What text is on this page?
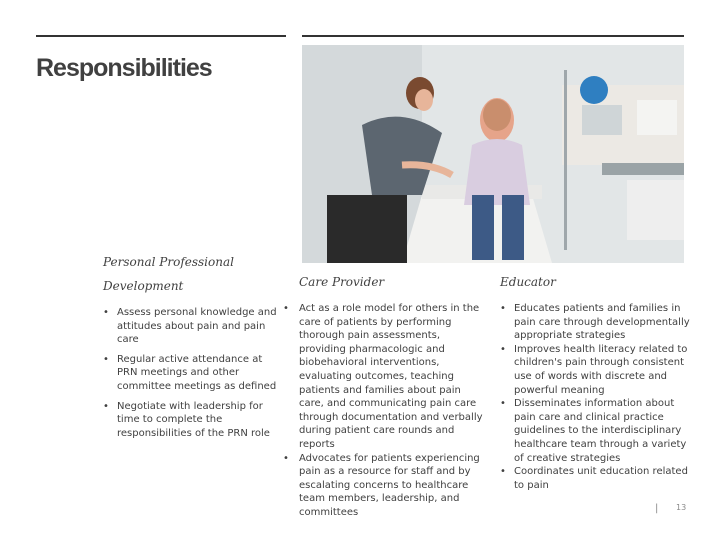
Responsibilities

Personal Professional Development

• Assess personal knowledge and attitudes about pain and pain care
• Regular active attendance at PRN meetings and other committee meetings as defined
• Negotiate with leadership for time to complete the responsibilities of the PRN role

Care Provider

• Act as a role model for others in the care of patients by performing thorough pain assessments, providing pharmacologic and biobehavioral interventions, evaluating outcomes, teaching patients and families about pain care, and communicating pain care through documentation and verbally during patient care rounds and reports
• Advocates for patients experiencing pain as a resource for staff and by escalating concerns to healthcare team members, leadership, and committees

Educator

• Educates patients and families in pain care through developmentally appropriate strategies
• Improves health literacy related to children's pain through consistent use of words with discrete and powerful meaning
• Disseminates information about pain care and clinical practice guidelines to the interdisciplinary healthcare team through a variety of creative strategies
• Coordinates unit education related to pain
| 13
